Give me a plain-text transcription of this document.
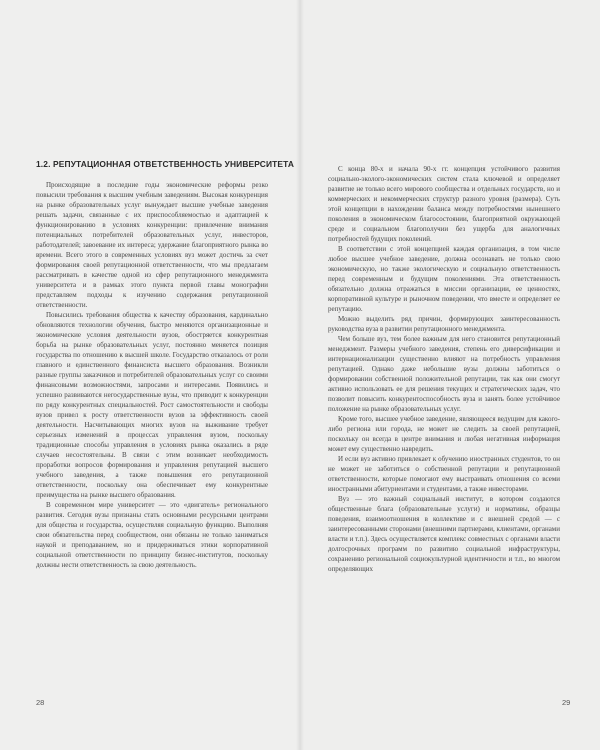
1.2. РЕПУТАЦИОННАЯ ОТВЕТСТВЕННОСТЬ УНИВЕРСИТЕТА

Происходящие в последние годы экономические реформы резко повысили требования к высшим учебным заведениям. Высокая конкуренция на рынке образовательных услуг вынуждает высшие учебные заведения решать задачи, связанные с их приспособляемостью и адаптацией к функционированию в условиях конкуренции: привлечение внимания потенциальных потребителей образовательных услуг, инвесторов, работодателей; завоевание их интереса; удержание благоприятного рынка во времени. Всего этого в современных условиях вуз может достичь за счет формирования своей репутационной ответственности, что мы предлагаем рассматривать в качестве одной из сфер репутационного менеджмента университета и в рамках этого пункта первой главы монографии представляем подходы к изучению содержания репутационной ответственности.

Повысились требования общества к качеству образования, кардинально обновляются технологии обучения, быстро меняются организационные и экономические условия деятельности вузов, обостряется конкурентная борьба на рынке образовательных услуг, постоянно меняется позиция государства по отношению к высшей школе. Государство отказалось от роли главного и единственного финансиста высшего образования. Возникли разные группы заказчиков и потребителей образовательных услуг со своими финансовыми возможностями, запросами и интересами. Появились и успешно развиваются негосударственные вузы, что приводит к конкуренции по ряду конкурентных специальностей. Рост самостоятельности и свободы вузов привел к росту ответственности вузов за эффективность своей деятельности. Насчитывающих многих вузов на выживание требует серьезных изменений в процессах управления вузом, поскольку традиционные способы управления в условиях рынка оказались в ряде случаев несостоятельны. В связи с этим возникает необходимость проработки вопросов формирования и управления репутацией высшего учебного заведения, а также повышения его репутационной ответственности, поскольку она обеспечивает ему конкурентные преимущества на рынке высшего образования.

В современном мире университет — это «двигатель» регионального развития. Сегодня вузы признаны стать основными ресурсными центрами для общества и государства, осуществляя социальную функцию. Выполняя свои обязательства перед сообществом, они обязаны не только заниматься наукой и преподаванием, но и придерживаться этики корпоративной социальной ответственности по принципу бизнес-институтов, поскольку должны нести ответственность за свою деятельность.

28

С конца 80-х и начала 90-х гг. концепция устойчивого развития социально-эколого-экономических систем стала ключевой и определяет развитие не только всего мирового сообщества и отдельных государств, но и коммерческих и некоммерческих структур разного уровня (размера). Суть этой концепции в нахождении баланса между потребностями нынешнего поколения в экономическом благосостоянии, благоприятной окружающей среде и социальном благополучии без ущерба для аналогичных потребностей будущих поколений.

В соответствии с этой концепцией каждая организация, в том числе любое высшее учебное заведение, должна осознавать не только свою экономическую, но также экологическую и социальную ответственность перед современным и будущим поколениями. Эта ответственность обязательно должна отражаться в миссии организации, ее ценностях, корпоративной культуре и рыночном поведении, что вместе и определяет ее репутацию.

Можно выделить ряд причин, формирующих заинтересованность руководства вуза в развитии репутационного менеджмента.

Чем больше вуз, тем более важным для него становится репутационный менеджмент. Размеры учебного заведения, степень его диверсификации и интернационализации существенно влияют на потребность управления репутацией. Однако даже небольшие вузы должны заботиться о формировании собственной положительной репутации, так как они смогут активно использовать ее для решения текущих и стратегических задач, что позволит повысить конкурентоспособность вуза и занять более устойчивое положение на рынке образовательных услуг.

Кроме того, высшее учебное заведение, являющееся ведущим для какого-либо региона или города, не может не следить за своей репутацией, поскольку он всегда в центре внимания и любая негативная информация может ему существенно навредить.

И если вуз активно привлекает к обучению иностранных студентов, то он не может не заботиться о собственной репутации и репутационной ответственности, которые помогают ему выстраивать отношения со всеми иностранными абитуриентами и студентами, а также инвесторами.

Вуз — это важный социальный институт, в котором создаются общественные блага (образовательные услуги) и нормативы, образцы поведения, взаимоотношения в коллективе и с внешней средой — с заинтересованными сторонами (внешними партнерами, клиентами, органами власти и т.п.). Здесь осуществляется комплекс совместных с органами власти долгосрочных программ по развитию социальной инфраструктуры, сохранению региональной социокультурной идентичности и т.п., во многом определяющих

29
